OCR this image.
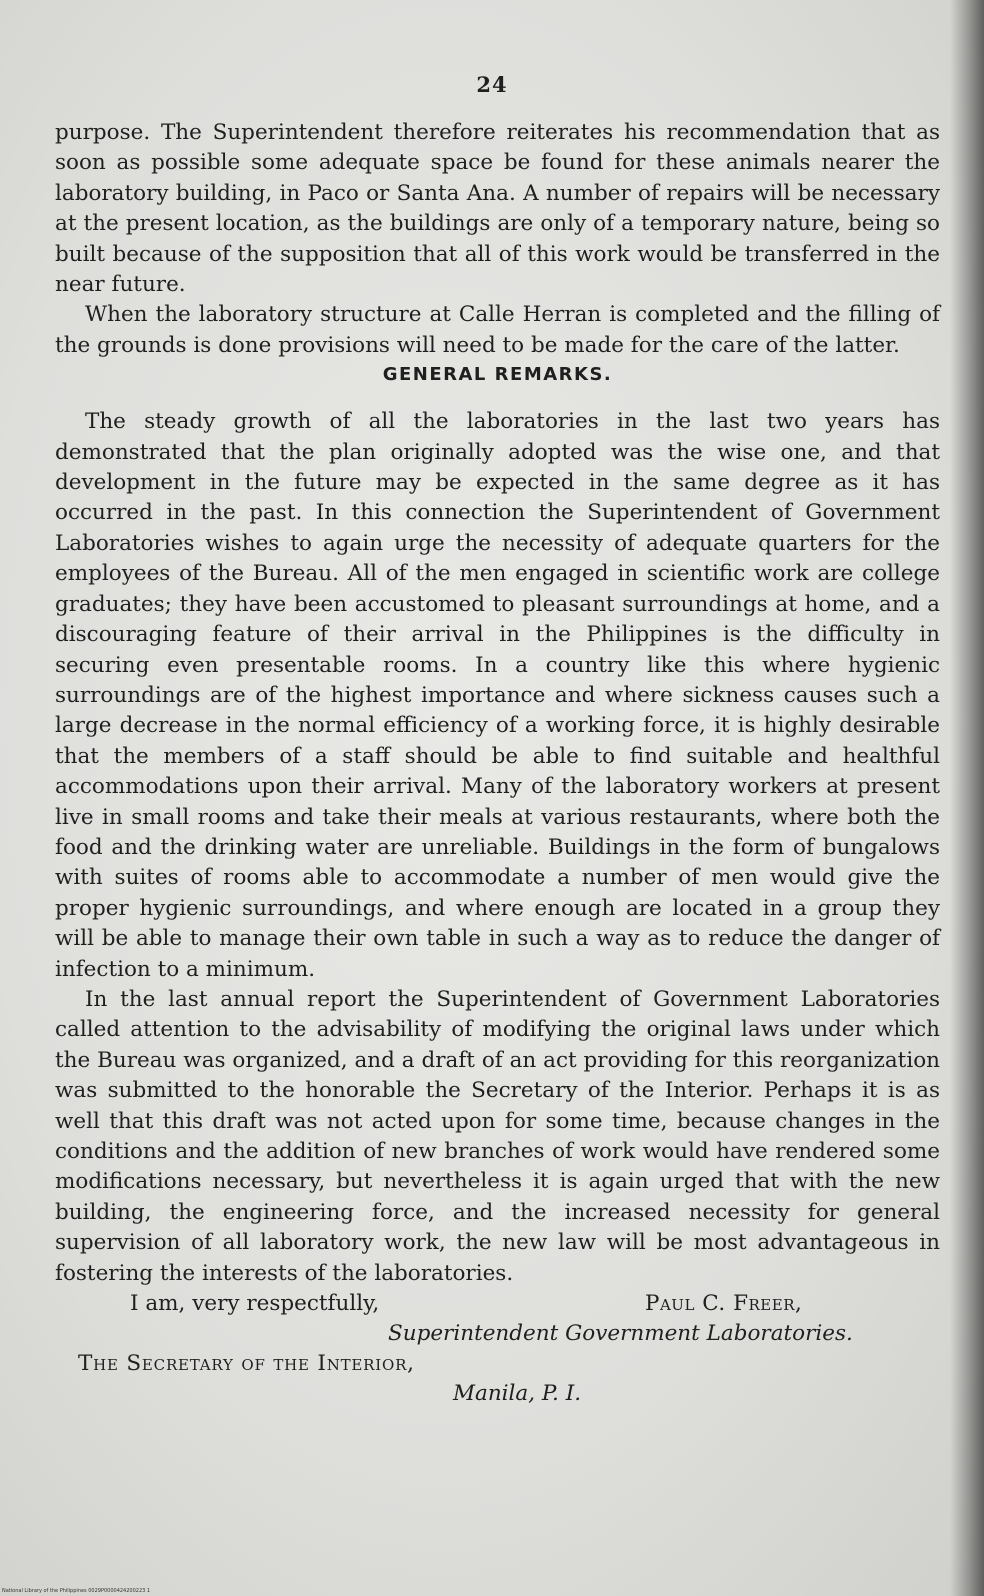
24

purpose. The Superintendent therefore reiterates his recommendation that as soon as possible some adequate space be found for these animals nearer the laboratory building, in Paco or Santa Ana. A number of repairs will be necessary at the present location, as the buildings are only of a temporary nature, being so built because of the supposition that all of this work would be transferred in the near future.

When the laboratory structure at Calle Herran is completed and the filling of the grounds is done provisions will need to be made for the care of the latter.

GENERAL REMARKS.

The steady growth of all the laboratories in the last two years has demonstrated that the plan originally adopted was the wise one, and that development in the future may be expected in the same degree as it has occurred in the past. In this connection the Superintendent of Government Laboratories wishes to again urge the necessity of adequate quarters for the employees of the Bureau. All of the men engaged in scientific work are college graduates; they have been accustomed to pleasant surroundings at home, and a discouraging feature of their arrival in the Philippines is the difficulty in securing even presentable rooms. In a country like this where hygienic surroundings are of the highest importance and where sickness causes such a large decrease in the normal efficiency of a working force, it is highly desirable that the members of a staff should be able to find suitable and healthful accommodations upon their arrival. Many of the laboratory workers at present live in small rooms and take their meals at various restaurants, where both the food and the drinking water are unreliable. Buildings in the form of bungalows with suites of rooms able to accommodate a number of men would give the proper hygienic surroundings, and where enough are located in a group they will be able to manage their own table in such a way as to reduce the danger of infection to a minimum.

In the last annual report the Superintendent of Government Laboratories called attention to the advisability of modifying the original laws under which the Bureau was organized, and a draft of an act providing for this reorganization was submitted to the honorable the Secretary of the Interior. Perhaps it is as well that this draft was not acted upon for some time, because changes in the conditions and the addition of new branches of work would have rendered some modifications necessary, but nevertheless it is again urged that with the new building, the engineering force, and the increased necessity for general supervision of all laboratory work, the new law will be most advantageous in fostering the interests of the laboratories.

I am, very respectfully,	Paul C. Freer,
Superintendent Government Laboratories.
The Secretary of the Interior,
Manila, P. I.
National Library of the Philippines 0029P0000424200223 1
